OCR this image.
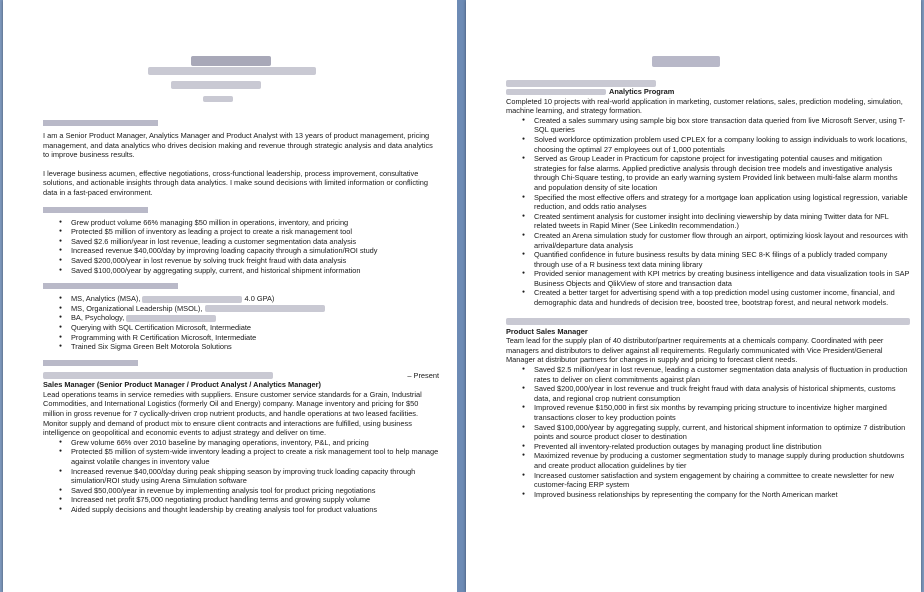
I am a Senior Product Manager, Analytics Manager and Product Analyst with 13 years of product management, pricing management, and data analytics who drives decision making and revenue through strategic analysis and data analytics to improve business results.

I leverage business acumen, effective negotiations, cross-functional leadership, process improvement, consultative solutions, and actionable insights through data analytics. I make sound decisions with limited information or conflicting data in a fast-paced environment.

● Grew product volume 66% managing $50 million in operations, inventory, and pricing
● Protected $5 million of inventory as leading a project to create a risk management tool
● Saved $2.6 million/year in lost revenue, leading a customer segmentation data analysis
● Increased revenue $40,000/day by improving loading capacity through a simulation/ROI study
● Saved $200,000/year in lost revenue by solving truck freight fraud with data analysis
● Saved $100,000/year by aggregating supply, current, and historical shipment information
● MS, Analytics (MSA),	4.0 GPA)
● MS, Organizational Leadership (MSOL),
● BA, Psychology,
● Querying with SQL Certification Microsoft, Intermediate
● Programming with R Certification Microsoft, Intermediate
● Trained Six Sigma Green Belt Motorola Solutions
– Present
Sales Manager (Senior Product Manager / Product Analyst / Analytics Manager)

Lead operations teams in service remedies with suppliers. Ensure customer service standards for a Grain, Industrial Commodities, and International Logistics (formerly Oil and Energy) company. Manage inventory and pricing for $50 million in gross revenue for 7 cyclically-driven crop nutrient products, and handle operations at two leased facilities. Monitor supply and demand of product mix to ensure client contracts and interactions are fulfilled, using business intelligence on geopolitical and economic events to adjust strategy and deliver on time.

● Grew volume 66% over 2010 baseline by managing operations, inventory, P&L, and pricing
● Protected $5 million of system-wide inventory leading a project to create a risk management tool to help manage against volatile changes in inventory value
● Increased revenue $40,000/day during peak shipping season by improving truck loading capacity through simulation/ROI study using Arena Simulation software
● Saved $50,000/year in revenue by implementing analysis tool for product pricing negotiations
● Increased net profit $75,000 negotiating product handling terms and growing supply volume
● Aided supply decisions and thought leadership by creating analysis tool for product valuations
Analytics Program

Completed 10 projects with real-world application in marketing, customer relations, sales, prediction modeling, simulation, machine learning, and strategy formation.

● Created a sales summary using sample big box store transaction data queried from live Microsoft Server, using T-SQL queries
● Solved workforce optimization problem used CPLEX for a company looking to assign individuals to work locations, choosing the optimal 27 employees out of 1,000 potentials
● Served as Group Leader in Practicum for capstone project for investigating potential causes and mitigation strategies for false alarms. Applied predictive analysis through decision tree models and investigative analysis through Chi-Square testing, to provide an early warning system Provided link between multi-false alarm months and population density of site location
● Specified the most effective offers and strategy for a mortgage loan application using logistical regression, variable reduction, and odds ratio analyses
● Created sentiment analysis for customer insight into declining viewership by data mining Twitter data for NFL related tweets in Rapid Miner (See LinkedIn recommendation.)
● Created an Arena simulation study for customer flow through an airport, optimizing kiosk layout and resources with arrival/departure data analysis
● Quantified confidence in future business results by data mining SEC 8-K filings of a publicly traded company through use of a R business text data mining library
● Provided senior management with KPI metrics by creating business intelligence and data visualization tools in SAP Business Objects and QlikView of store and transaction data
● Created a better target for advertising spend with a top prediction model using customer income, financial, and demographic data and hundreds of decision tree, boosted tree, bootstrap forest, and neural network models.
Product Sales Manager

Team lead for the supply plan of 40 distributor/partner requirements at a chemicals company. Coordinated with peer managers and distributors to deliver against all requirements. Regularly communicated with Vice President/General Manager at distributor partners for changes in supply and pricing to forecast client needs.

● Saved $2.5 million/year in lost revenue, leading a customer segmentation data analysis of fluctuation in production rates to deliver on client commitments against plan
● Saved $200,000/year in lost revenue and truck freight fraud with data analysis of historical shipments, customs data, and regional crop nutrient consumption
● Improved revenue $150,000 in first six months by revamping pricing structure to incentivize higher margined transactions closer to key production points
● Saved $100,000/year by aggregating supply, current, and historical shipment information to optimize 7 distribution points and source product closer to destination
● Prevented all inventory-related production outages by managing product line distribution
● Maximized revenue by producing a customer segmentation study to manage supply during production shutdowns and create product allocation guidelines by tier
● Increased customer satisfaction and system engagement by chairing a committee to create newsletter for new customer-facing ERP system
● Improved business relationships by representing the company for the North American market
